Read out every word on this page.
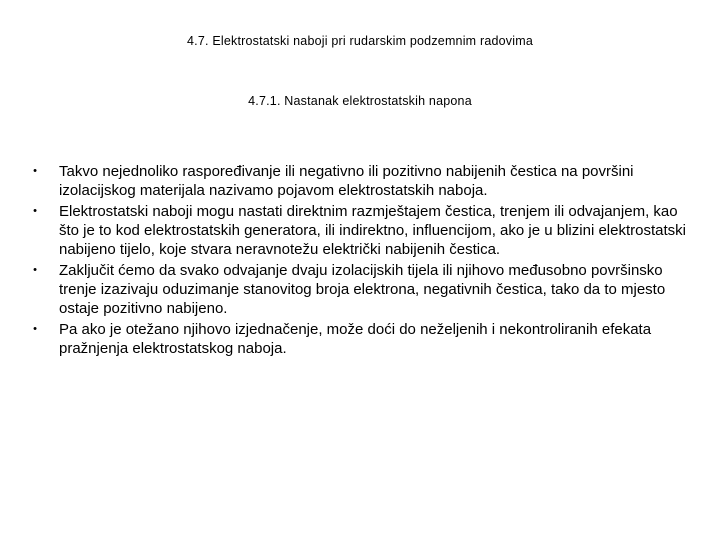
4.7. Elektrostatski naboji pri rudarskim podzemnim radovima
4.7.1. Nastanak elektrostatskih napona
• Takvo nejednoliko raspoređivanje ili negativno ili pozitivno nabijenih čestica na površini izolacijskog materijala nazivamo pojavom elektrostatskih naboja.
• Elektrostatski naboji mogu nastati direktnim razmještajem čestica, trenjem ili odvajanjem, kao što je to kod elektrostatskih generatora, ili indirektno, influencijom, ako je u blizini elektrostatski nabijeno tijelo, koje stvara neravnotežu električki nabijenih čestica.
• Zaključit ćemo da svako odvajanje dvaju izolacijskih tijela ili njihovo međusobno površinsko trenje izazivaju oduzimanje stanovitog broja elektrona, negativnih čestica, tako da to mjesto ostaje pozitivno nabijeno.
• Pa ako je otežano njihovo izjednačenje, može doći do neželjenih i nekontroliranih efekata pražnjenja elektrostatskog naboja.
